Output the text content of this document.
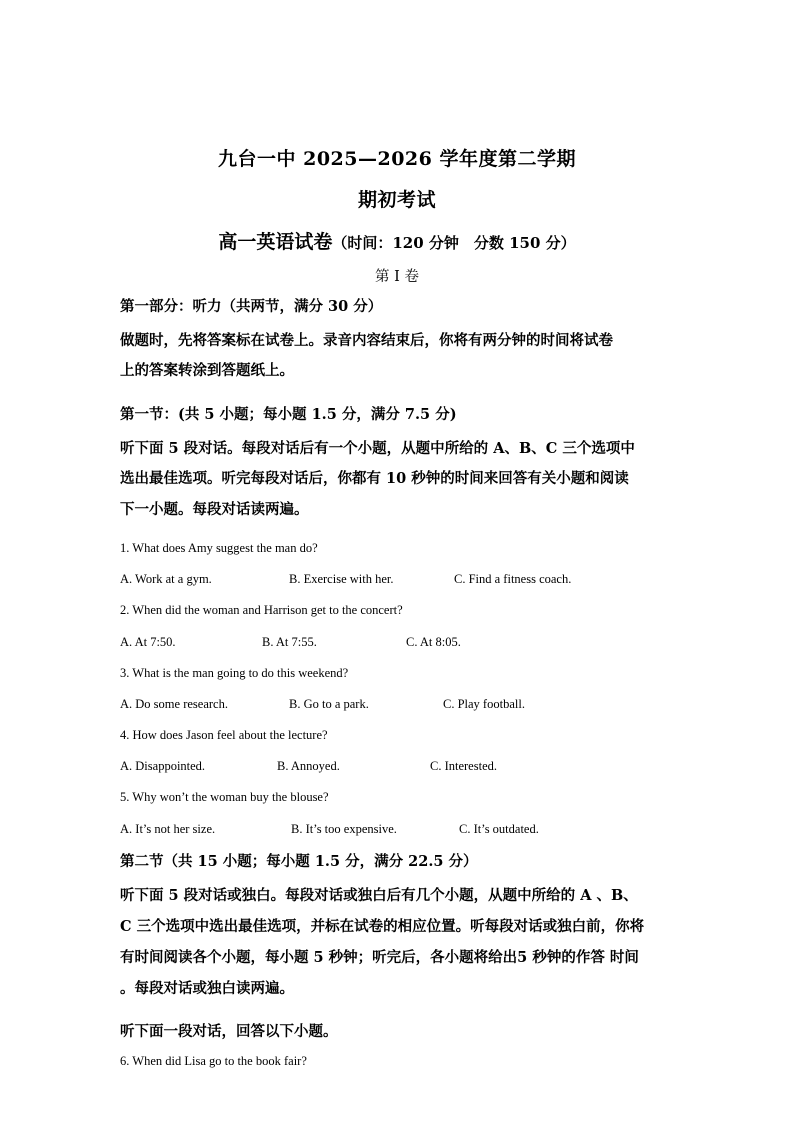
九台一中 2025—2026 学年度第二学期
期初考试
高一英语试卷（时间：120 分钟　分数 150 分）
第 I 卷
第一部分：听力（共两节，满分 30 分）
做题时，先将答案标在试卷上。录音内容结束后，你将有两分钟的时间将试卷
上的答案转涂到答题纸上。
第一节：(共 5 小题；每小题 1.5 分，满分 7.5 分)
听下面 5 段对话。每段对话后有一个小题，从题中所给的 A、B、C 三个选项中
选出最佳选项。听完每段对话后，你都有 10 秒钟的时间来回答有关小题和阅读
下一小题。每段对话读两遍。
1. What does Amy suggest the man do?
A. Work at a gym.	B. Exercise with her.	C. Find a fitness coach.
2. When did the woman and Harrison get to the concert?
A. At 7:50.	B. At 7:55.	C. At 8:05.
3. What is the man going to do this weekend?
A. Do some research.	B. Go to a park.	C. Play football.
4. How does Jason feel about the lecture?
A. Disappointed.	B. Annoyed.	C. Interested.
5. Why won’t the woman buy the blouse?
A. It’s not her size.	B. It’s too expensive.	C. It’s outdated.
第二节（共 15 小题；每小题 1.5 分，满分 22.5 分）
听下面 5 段对话或独白。每段对话或独白后有几个小题，从题中所给的 A 、B、
C 三个选项中选出最佳选项，并标在试卷的相应位置。听每段对话或独白前，你将
有时间阅读各个小题，每小题 5 秒钟；听完后，各小题将给出5 秒钟的作答 时间
。每段对话或独白读两遍。
听下面一段对话，回答以下小题。
6. When did Lisa go to the book fair?
